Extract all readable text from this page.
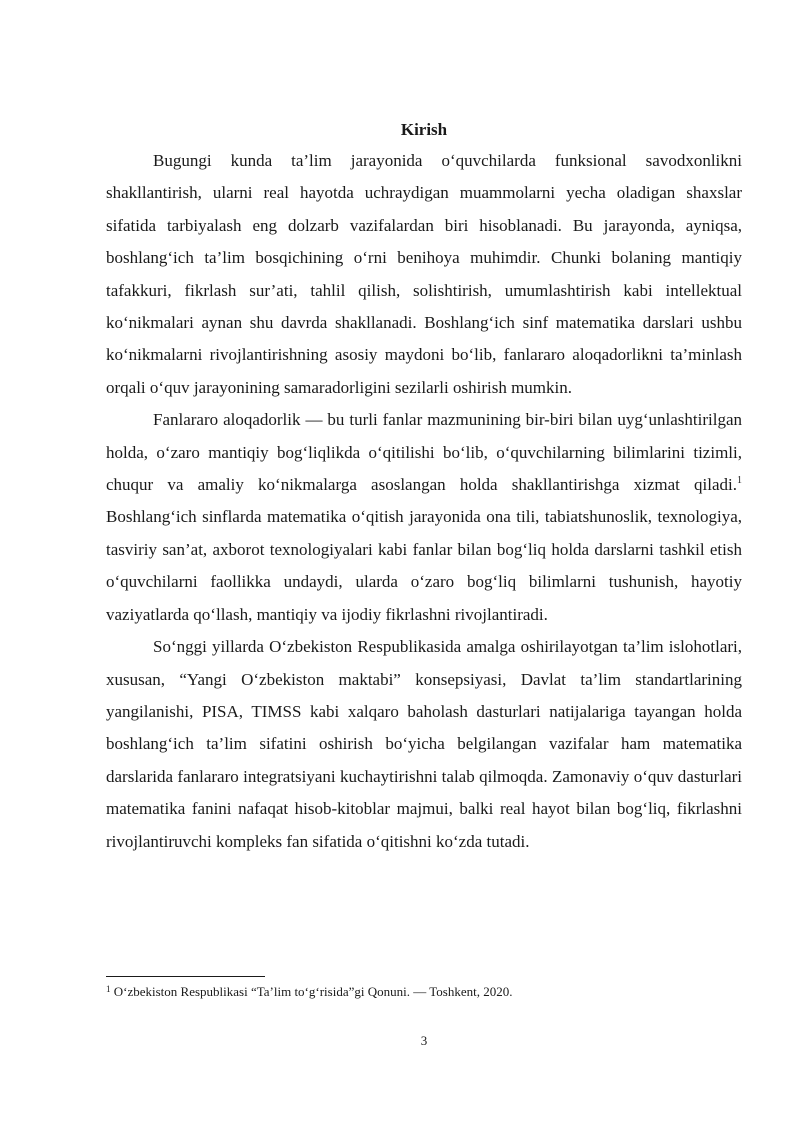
Kirish

Bugungi kunda ta’lim jarayonida o‘quvchilarda funksional savodxonlikni shakllantirish, ularni real hayotda uchraydigan muammolarni yecha oladigan shaxslar sifatida tarbiyalash eng dolzarb vazifalardan biri hisoblanadi. Bu jarayonda, ayniqsa, boshlang‘ich ta’lim bosqichining o‘rni benihoya muhimdir. Chunki bolaning mantiqiy tafakkuri, fikrlash sur’ati, tahlil qilish, solishtirish, umumlashtirish kabi intellektual ko‘nikmalari aynan shu davrda shakllanadi. Boshlang‘ich sinf matematika darslari ushbu ko‘nikmalarni rivojlantirishning asosiy maydoni bo‘lib, fanlararo aloqadorlikni ta’minlash orqali o‘quv jarayonining samaradorligini sezilarli oshirish mumkin.

Fanlararo aloqadorlik — bu turli fanlar mazmunining bir-biri bilan uyg‘unlashtirilgan holda, o‘zaro mantiqiy bog‘liqlikda o‘qitilishi bo‘lib, o‘quvchilarning bilimlarini tizimli, chuqur va amaliy ko‘nikmalarga asoslangan holda shakllantirishga xizmat qiladi.$^1$ Boshlang‘ich sinflarda matematika o‘qitish jarayonida ona tili, tabiatshunoslik, texnologiya, tasviriy san’at, axborot texnologiyalari kabi fanlar bilan bog‘liq holda darslarni tashkil etish o‘quvchilarni faollikka undaydi, ularda o‘zaro bog‘liq bilimlarni tushunish, hayotiy vaziyatlarda qo‘llash, mantiqiy va ijodiy fikrlashni rivojlantiradi.

So‘nggi yillarda O‘zbekiston Respublikasida amalga oshirilayotgan ta’lim islohotlari, xususan, “Yangi O‘zbekiston maktabi” konsepsiyasi, Davlat ta’lim standartlarining yangilanishi, PISA, TIMSS kabi xalqaro baholash dasturlari natijalariga tayangan holda boshlang‘ich ta’lim sifatini oshirish bo‘yicha belgilangan vazifalar ham matematika darslarida fanlararo integratsiyani kuchaytirishni talab qilmoqda. Zamonaviy o‘quv dasturlari matematika fanini nafaqat hisob-kitoblar majmui, balki real hayot bilan bog‘liq, fikrlashni rivojlantiruvchi kompleks fan sifatida o‘qitishni ko‘zda tutadi.

$^1$ O‘zbekiston Respublikasi “Ta’lim to‘g‘risida”gi Qonuni. — Toshkent, 2020.
3
